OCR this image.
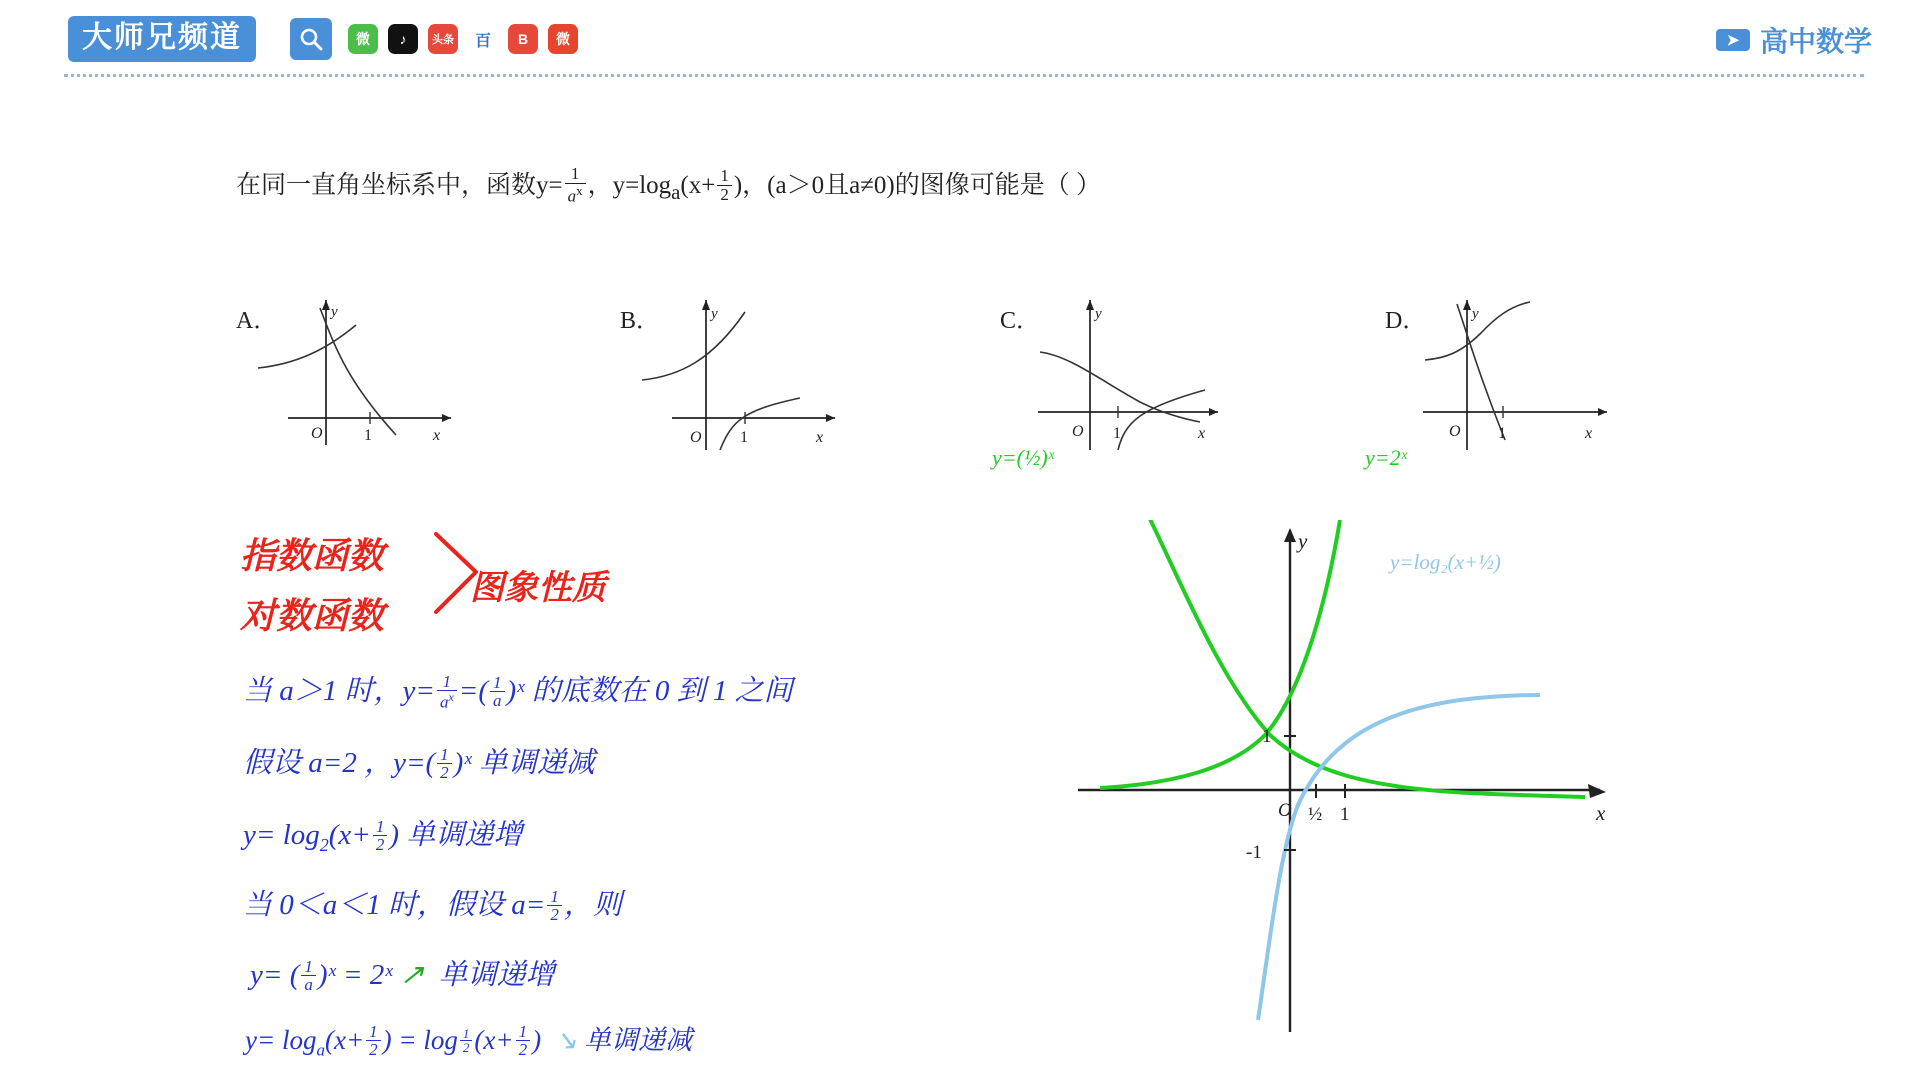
大师兄频道	微	♪	头条	百	B	微	➤ 高中数学
在同一直角坐标系中，函数$y= \frac{1}{a^x}$ ，$y=\log_a(x+ \frac{1}{2}$ )，(a＞0且a≠0)的图像可能是（ ）
A．
O	1	x
y	B．
O 1	x
y	C．
O 1	x
y	D．
O 1	x
y
指数函数
对数函数
图象性质
当 a＞1 时，$y= \frac{1}{a^x}$ =( $\frac{1}{a}$ )ˣ 的底数在 0 到 1 之间
假设 a=2 ，$y=( \frac{1}{2}$ )ˣ 单调递减
$y= \log_2(x+ \frac{1}{2}$ ) 单调递增
当 0＜a＜1 时，假设 $a= \frac{1}{2}$ ，则
y= ( $\frac{1}{a}$ )ˣ = 2ˣ ↗ 单调递增
$y= \log_a(x+ \frac{1}{2}$ ) = $\log \frac{1}{2} (x+ \frac{1}{2}$ ) ↘ 单调递减
O ½ 1
1
-1
y
x
y=(½)ˣ	y=2ˣ
y=log₂(x+½)
